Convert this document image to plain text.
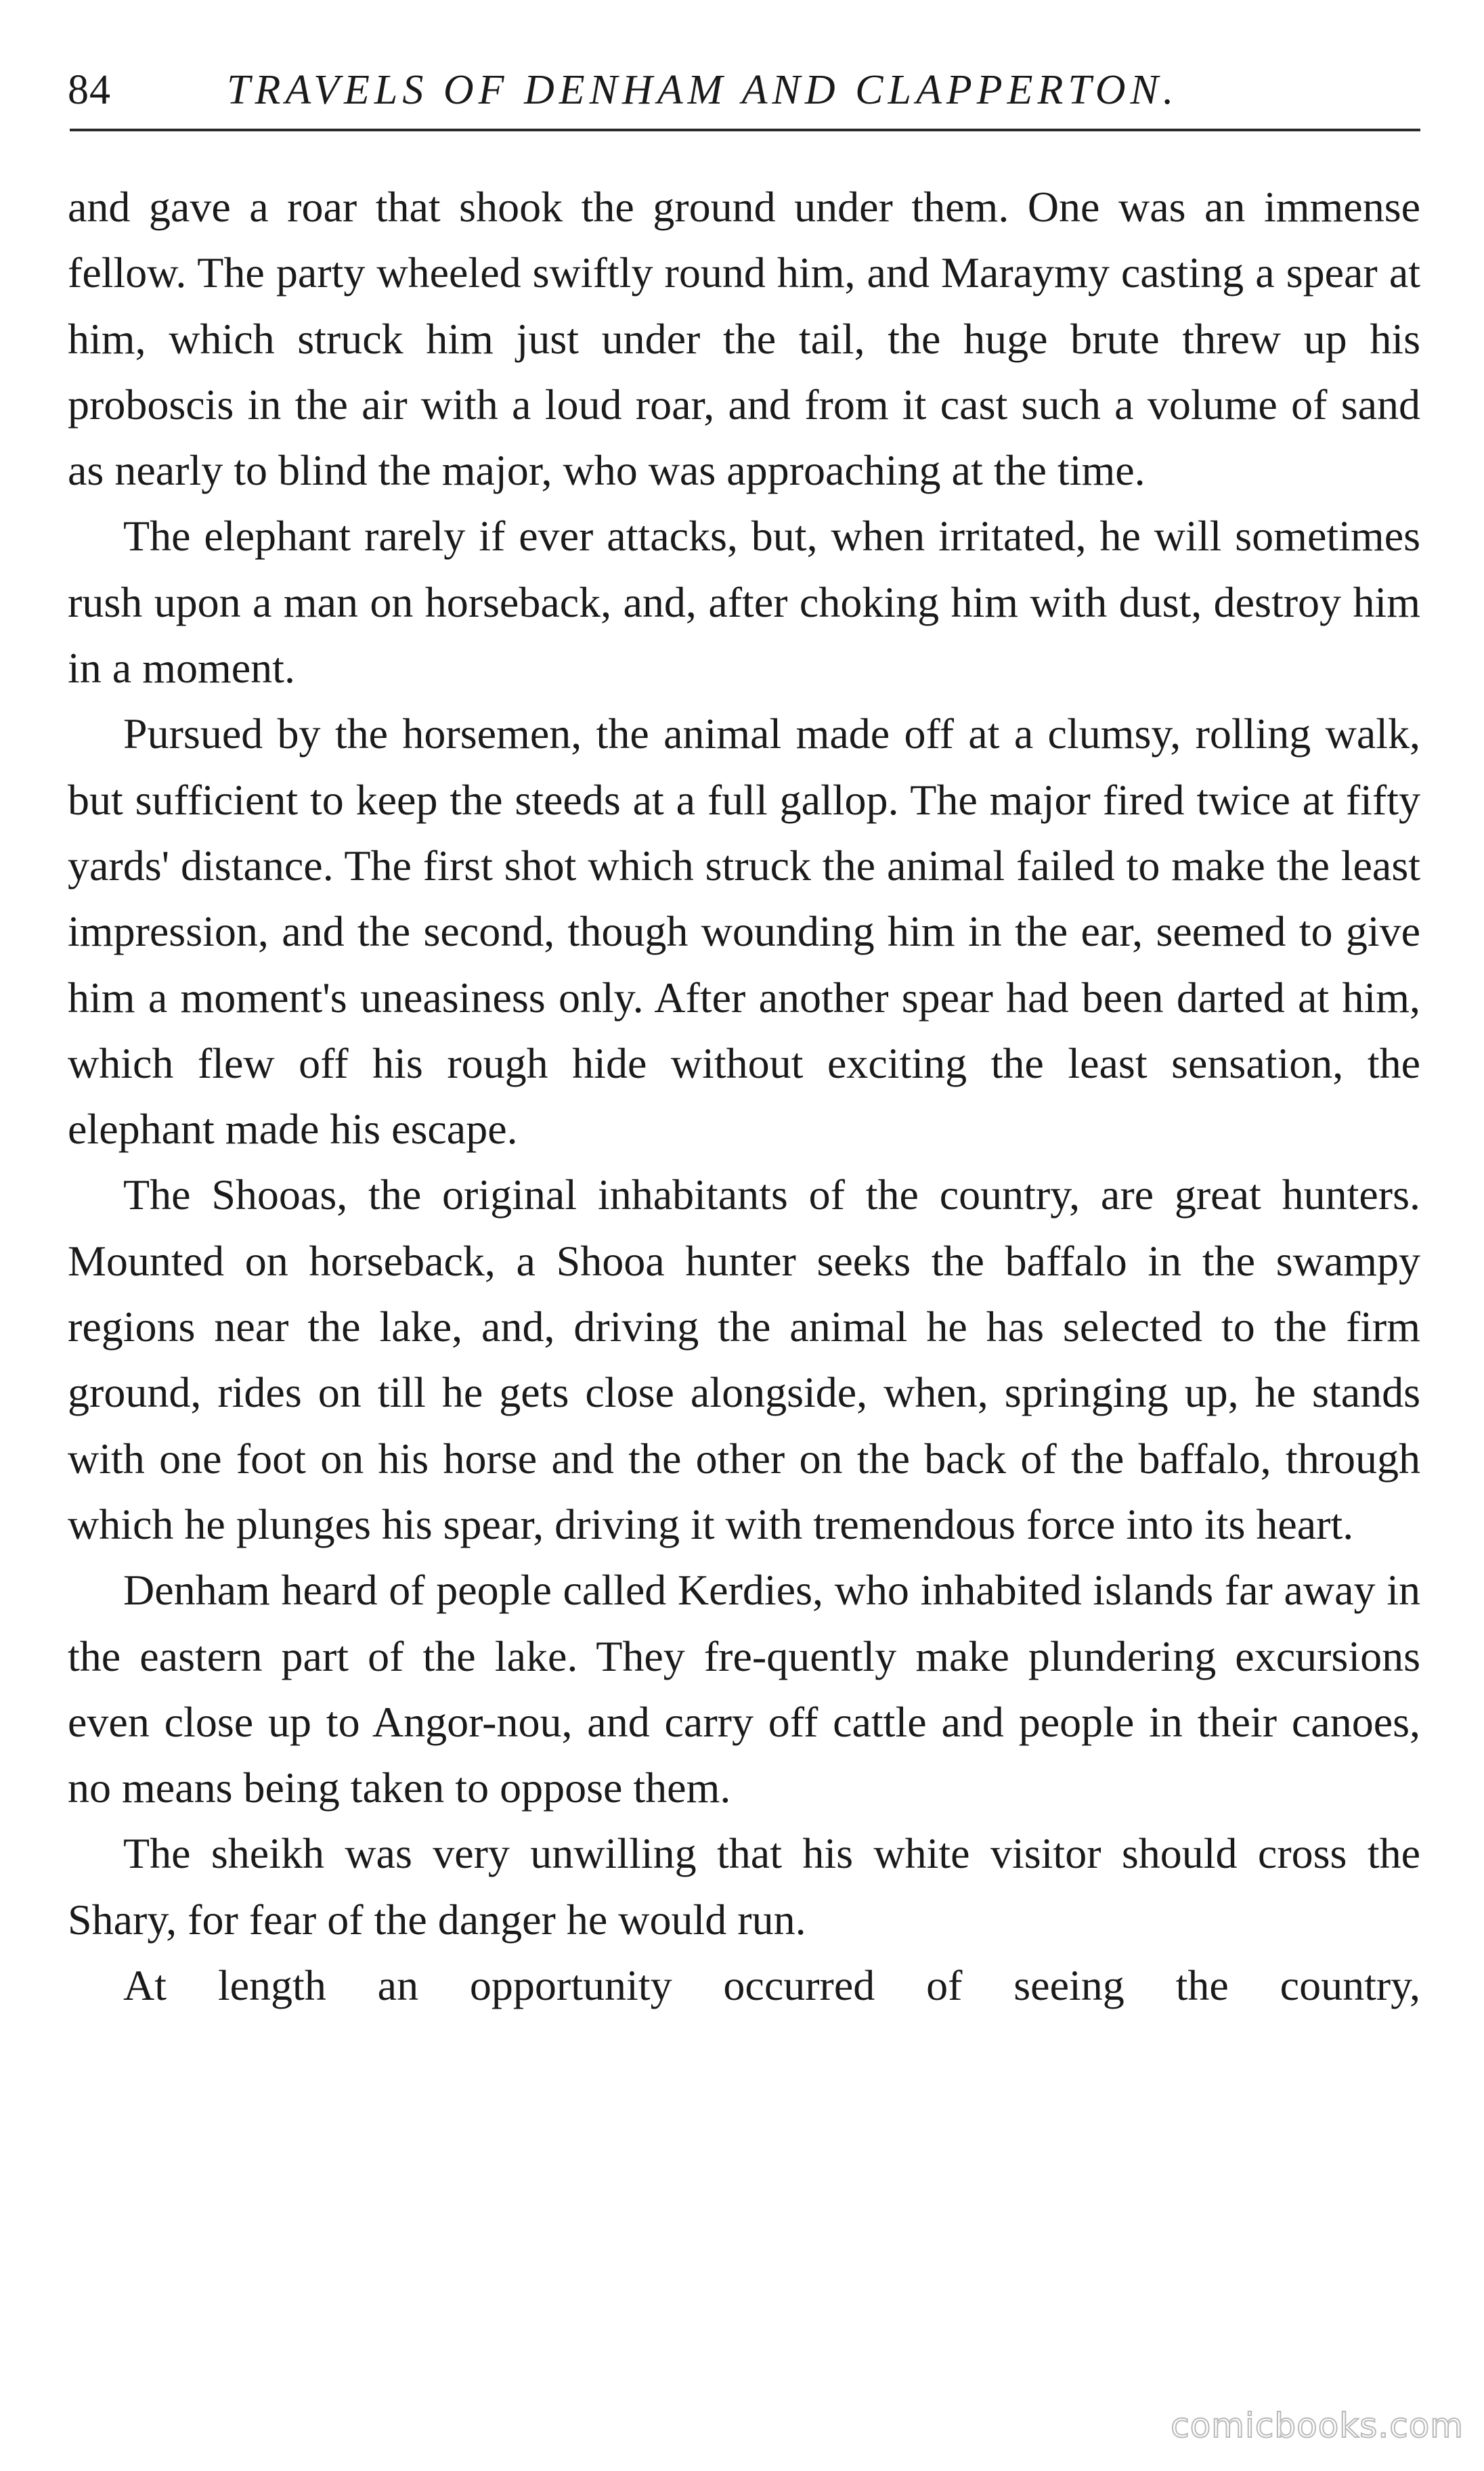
84	TRAVELS OF DENHAM AND CLAPPERTON.

and gave a roar that shook the ground under them. One was an immense fellow. The party wheeled swiftly round him, and Maraymy casting a spear at him, which struck him just under the tail, the huge brute threw up his proboscis in the air with a loud roar, and from it cast such a volume of sand as nearly to blind the major, who was approaching at the time.

The elephant rarely if ever attacks, but, when irritated, he will sometimes rush upon a man on horseback, and, after choking him with dust, destroy him in a moment.

Pursued by the horsemen, the animal made off at a clumsy, rolling walk, but sufficient to keep the steeds at a full gallop. The major fired twice at fifty yards' distance. The first shot which struck the animal failed to make the least impression, and the second, though wounding him in the ear, seemed to give him a moment's uneasiness only. After another spear had been darted at him, which flew off his rough hide without exciting the least sensation, the elephant made his escape.

The Shooas, the original inhabitants of the country, are great hunters. Mounted on horseback, a Shooa hunter seeks the baffalo in the swampy regions near the lake, and, driving the animal he has selected to the firm ground, rides on till he gets close alongside, when, springing up, he stands with one foot on his horse and the other on the back of the baffalo, through which he plunges his spear, driving it with tremendous force into its heart.

Denham heard of people called Kerdies, who inhabited islands far away in the eastern part of the lake. They fre-quently make plundering excursions even close up to Angor-nou, and carry off cattle and people in their canoes, no means being taken to oppose them.

The sheikh was very unwilling that his white visitor should cross the Shary, for fear of the danger he would run.

At length an opportunity occurred of seeing the country,

comicbooks.com
